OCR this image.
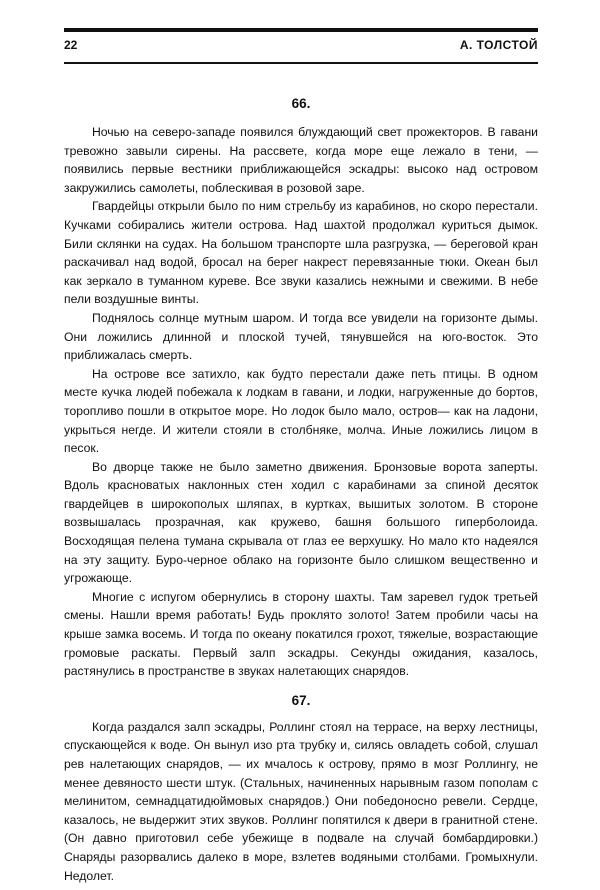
22	А. ТОЛСТОЙ
66.

Ночью на северо-западе появился блуждающий свет прожекторов. В гавани тревожно завыли сирены. На рассвете, когда море еще лежало в тени, — появились первые вестники приближающейся эскадры: высоко над островом закружились самолеты, поблескивая в розовой заре.

Гвардейцы открыли было по ним стрельбу из карабинов, но скоро перестали. Кучками собирались жители острова. Над шахтой продолжал куриться дымок. Били склянки на судах. На большом транспорте шла разгрузка, — береговой кран раскачивал над водой, бросал на берег накрест перевязанные тюки. Океан был как зеркало в туманном куреве. Все звуки казались нежными и свежими. В небе пели воздушные винты.

Поднялось солнце мутным шаром. И тогда все увидели на горизонте дымы. Они ложились длинной и плоской тучей, тянувшейся на юго-восток. Это приближалась смерть.

На острове все затихло, как будто перестали даже петь птицы. В одном месте кучка людей побежала к лодкам в гавани, и лодки, нагруженные до бортов, торопливо пошли в открытое море. Но лодок было мало, остров— как на ладони, укрыться негде. И жители стояли в столбняке, молча. Иные ложились лицом в песок.

Во дворце также не было заметно движения. Бронзовые ворота заперты. Вдоль красноватых наклонных стен ходил с карабинами за спиной десяток гвардейцев в широкополых шляпах, в куртках, вышитых золотом. В стороне возвышалась прозрачная, как кружево, башня большого гиперболоида. Восходящая пелена тумана скрывала от глаз ее верхушку. Но мало кто надеялся на эту защиту. Буро-черное облако на горизонте было слишком вещественно и угрожающе.

Многие с испугом обернулись в сторону шахты. Там заревел гудок третьей смены. Нашли время работать! Будь проклято золото! Затем пробили часы на крыше замка восемь. И тогда по океану покатился грохот, тяжелые, возрастающие громовые раскаты. Первый залп эскадры. Секунды ожидания, казалось, растянулись в пространстве в звуках налетающих снарядов.

67.

Когда раздался залп эскадры, Роллинг стоял на террасе, на верху лестницы, спускающейся к воде. Он вынул изо рта трубку и, силясь овладеть собой, слушал рев налетающих снарядов, — их мчалось к острову, прямо в мозг Роллингу, не менее девяносто шести штук. (Стальных, начиненных нарывным газом пополам с мелинитом, семнадцатидюймовых снарядов.) Они победоносно ревели. Сердце, казалось, не выдержит этих звуков. Роллинг попятился к двери в гранитной стене. (Он давно приготовил себе убежище в подвале на случай бомбардировки.) Снаряды разорвались далеко в море, взлетев водяными столбами. Громыхнули. Недолет.
